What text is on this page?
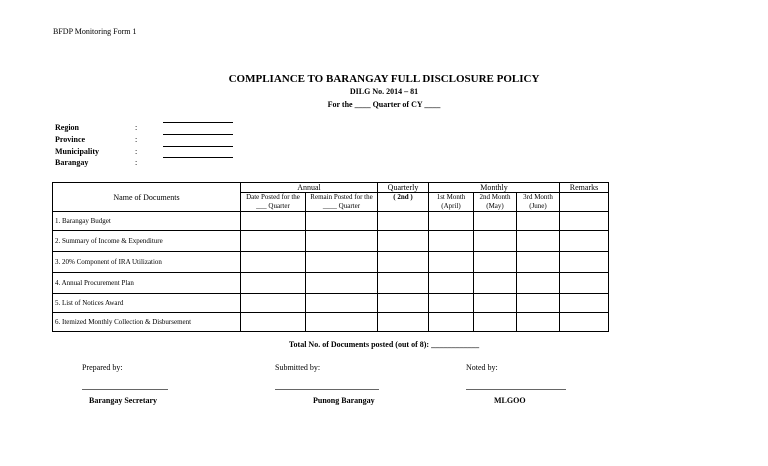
BFDP Monitoring Form 1
COMPLIANCE TO BARANGAY FULL DISCLOSURE POLICY
DILG No. 2014 – 81
For the ____ Quarter of CY ____
Region	:
Province	:
Municipality	:
Barangay	:
Name of Documents	Annual		Quarterly	Monthly			Remarks
	Date Posted for the ___ Quarter	Remain Posted for the ____ Quarter	( 2nd )	1st Month (April)	2nd Month (May)	3rd Month (June)	
1. Barangay Budget							
2. Summary of Income & Expenditure							
3. 20% Component of IRA Utilization							
4. Annual Procurement Plan							
5. List of Notices Award							
6. Itemized Monthly Collection & Disbursement							
Total No. of Documents posted (out of 8): ____________
Prepared by:
Barangay Secretary
Submitted by:
Punong Barangay
Noted by:
MLGOO
